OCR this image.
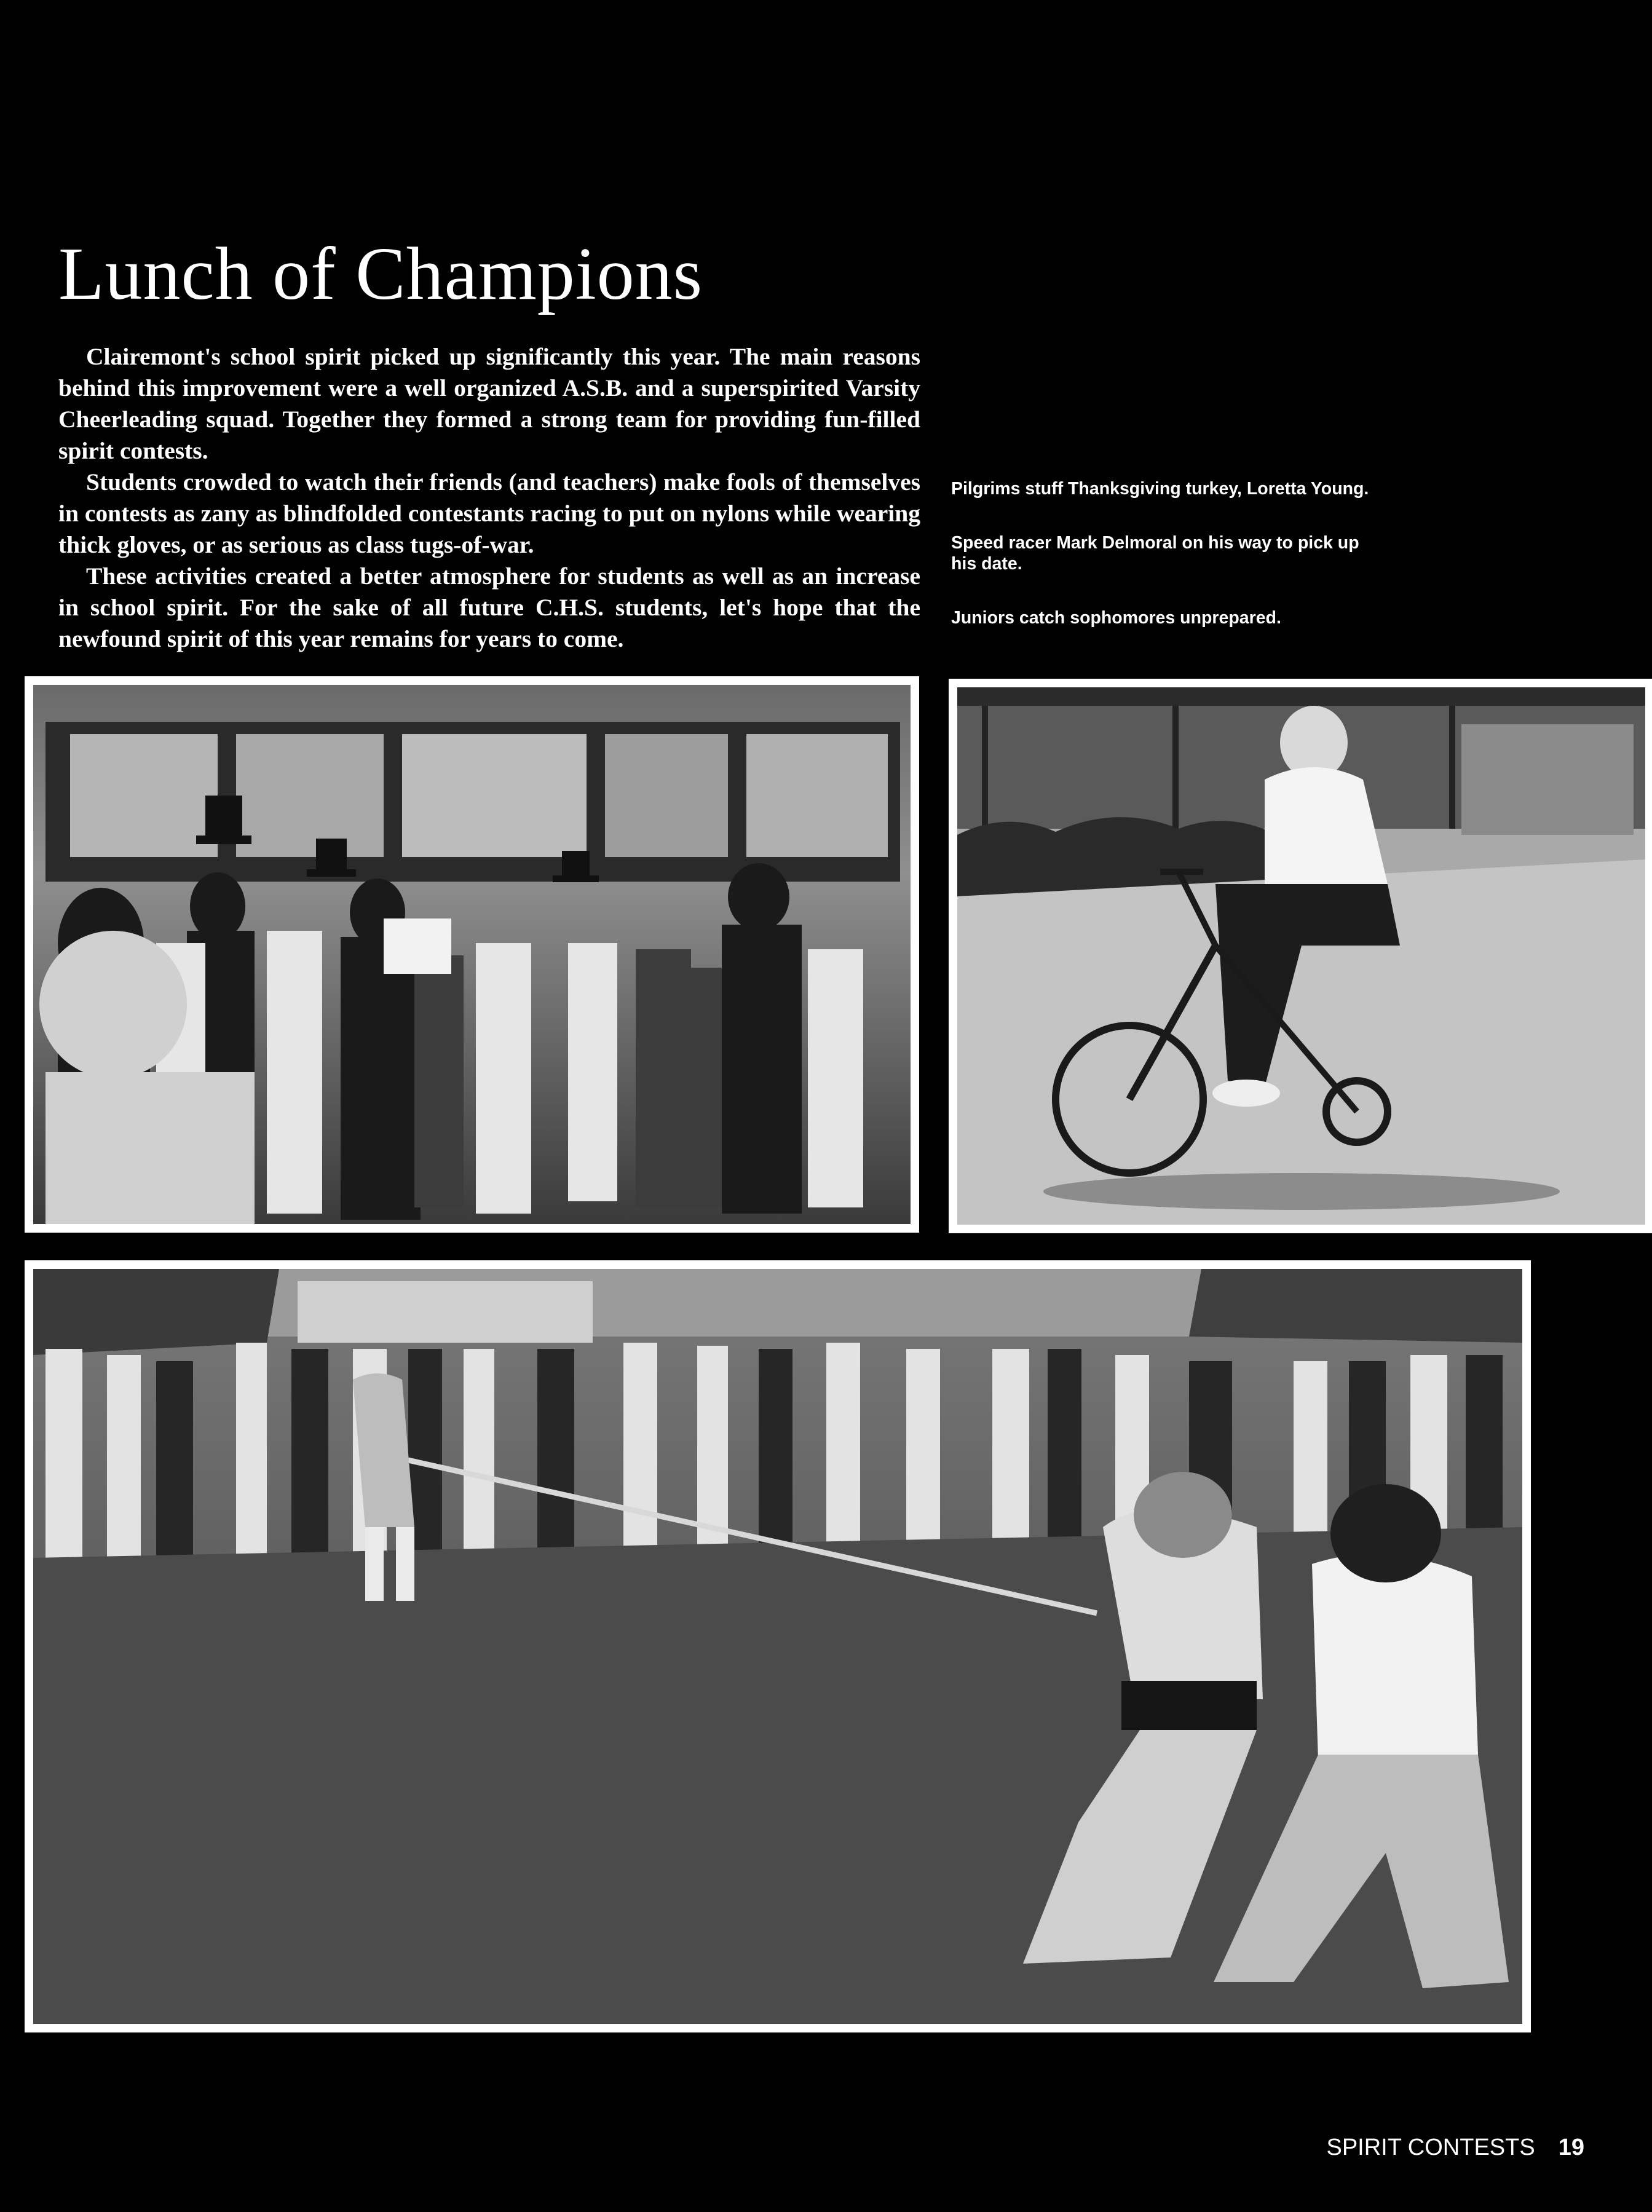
Lunch of Champions

Clairemont's school spirit picked up significantly this year. The main reasons behind this improvement were a well organized A.S.B. and a superspirited Varsity Cheerleading squad. Together they formed a strong team for providing fun-filled spirit contests.

Students crowded to watch their friends (and teachers) make fools of themselves in contests as zany as blindfolded contestants racing to put on nylons while wearing thick gloves, or as serious as class tugs-of-war.

These activities created a better atmosphere for students as well as an increase in school spirit. For the sake of all future C.H.S. students, let's hope that the newfound spirit of this year remains for years to come.

Pilgrims stuff Thanksgiving turkey, Loretta Young.

Speed racer Mark Delmoral on his way to pick up his date.

Juniors catch sophomores unprepared.

SPIRIT CONTESTS 19
